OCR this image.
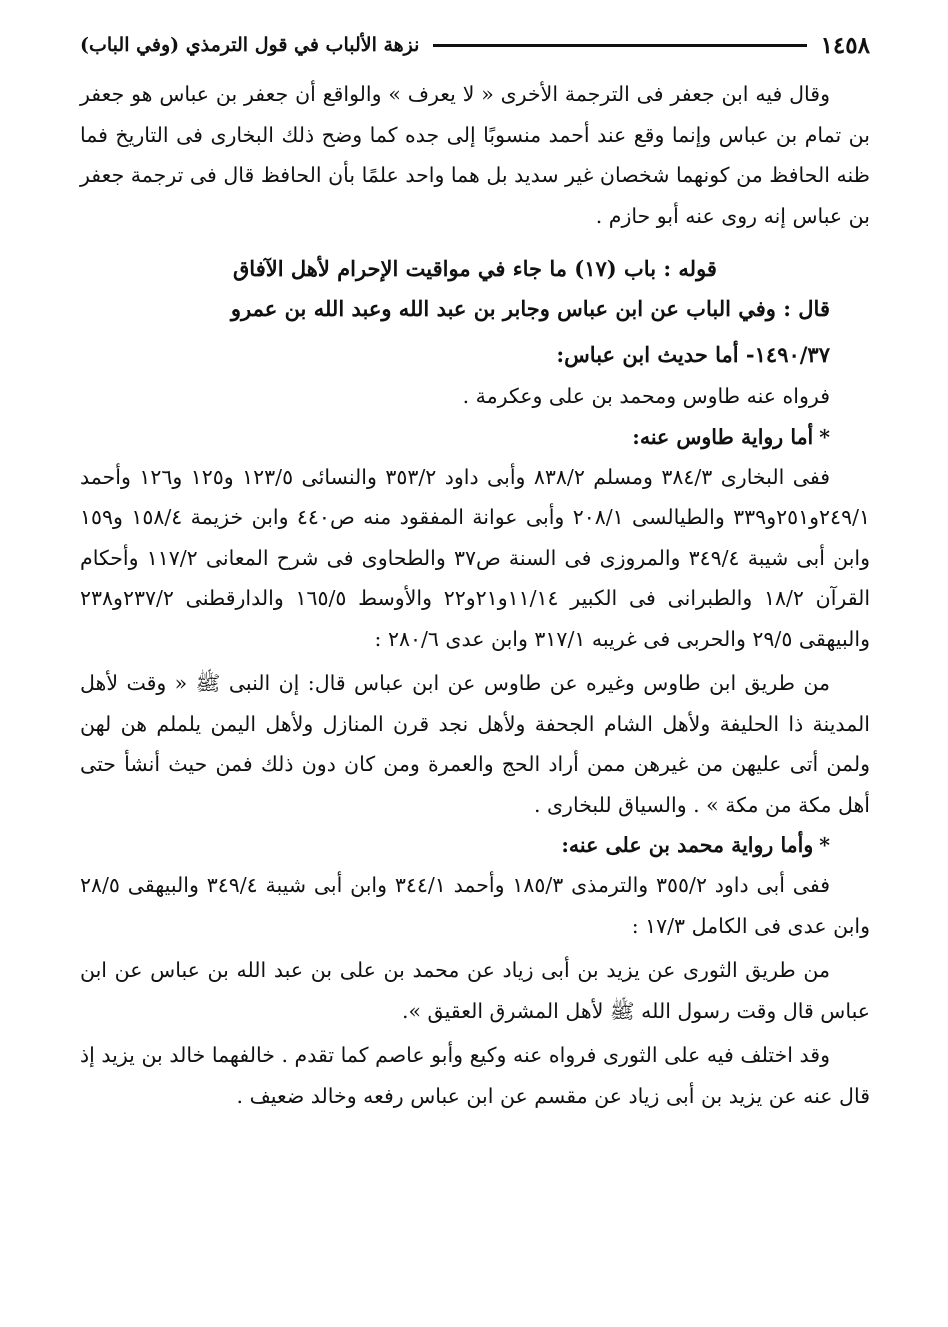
١٤٥٨
نزهة الألباب في قول الترمذي (وفي الباب)

وقال فيه ابن جعفر فى الترجمة الأخرى « لا يعرف » والواقع أن جعفر بن عباس هو جعفر بن تمام بن عباس وإنما وقع عند أحمد منسوبًا إلى جده كما وضح ذلك البخارى فى التاريخ فما ظنه الحافظ من كونهما شخصان غير سديد بل هما واحد علمًا بأن الحافظ قال فى ترجمة جعفر بن عباس إنه روى عنه أبو حازم .

قوله : باب (١٧) ما جاء في مواقيت الإحرام لأهل الآفاق

قال : وفي الباب عن ابن عباس وجابر بن عبد الله وعبد الله بن عمرو

١٤٩٠/٣٧- أما حديث ابن عباس:

فرواه عنه طاوس ومحمد بن على وعكرمة .

*أما رواية طاوس عنه:

ففى البخارى ٣٨٤/٣ ومسلم ٨٣٨/٢ وأبى داود ٣٥٣/٢ والنسائى ١٢٣/٥ و١٢٥ و١٢٦ وأحمد ٢٤٩/١و٢٥١و٣٣٩ والطيالسى ٢٠٨/١ وأبى عوانة المفقود منه ص٤٤٠ وابن خزيمة ١٥٨/٤ و١٥٩ وابن أبى شيبة ٣٤٩/٤ والمروزى فى السنة ص٣٧ والطحاوى فى شرح المعانى ١١٧/٢ وأحكام القرآن ١٨/٢ والطبرانى فى الكبير ١١/١٤و٢١و٢٢ والأوسط ١٦٥/٥ والدارقطنى ٢٣٧/٢و٢٣٨ والبيهقى ٢٩/٥ والحربى فى غريبه ٣١٧/١ وابن عدى ٢٨٠/٦ :

من طريق ابن طاوس وغيره عن طاوس عن ابن عباس قال: إن النبى ﷺ « وقت لأهل المدينة ذا الحليفة ولأهل الشام الجحفة ولأهل نجد قرن المنازل ولأهل اليمن يلملم هن لهن ولمن أتى عليهن من غيرهن ممن أراد الحج والعمرة ومن كان دون ذلك فمن حيث أنشأ حتى أهل مكة من مكة » . والسياق للبخارى .

*وأما رواية محمد بن على عنه:

ففى أبى داود ٣٥٥/٢ والترمذى ١٨٥/٣ وأحمد ٣٤٤/١ وابن أبى شيبة ٣٤٩/٤ والبيهقى ٢٨/٥ وابن عدى فى الكامل ١٧/٣ :

من طريق الثورى عن يزيد بن أبى زياد عن محمد بن على بن عبد الله بن عباس عن ابن عباس قال وقت رسول الله ﷺ لأهل المشرق العقيق ».

وقد اختلف فيه على الثورى فرواه عنه وكيع وأبو عاصم كما تقدم . خالفهما خالد بن يزيد إذ قال عنه عن يزيد بن أبى زياد عن مقسم عن ابن عباس رفعه وخالد ضعيف .
